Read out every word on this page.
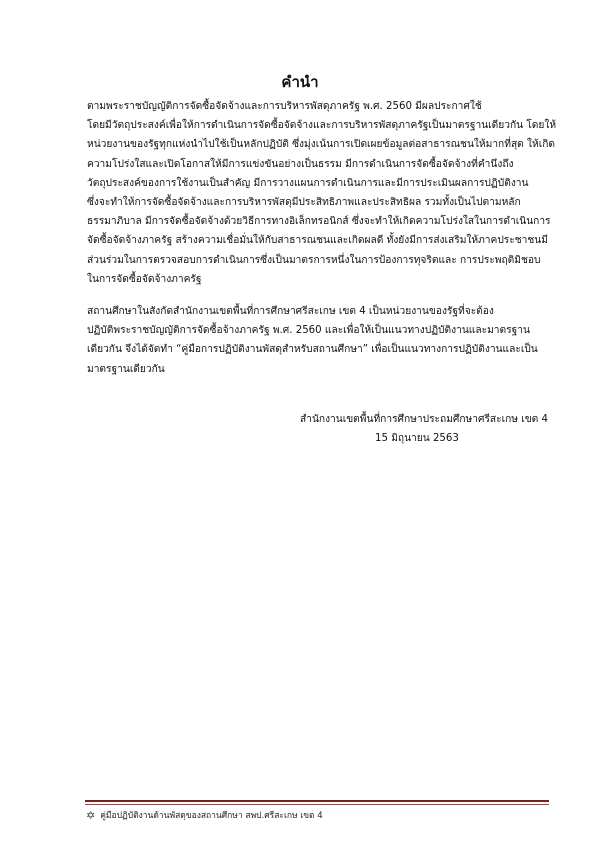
คำนำ
ตามพระราชบัญญัติการจัดซื้อจัดจ้างและการบริหารพัสดุภาครัฐ พ.ศ. 2560 มีผลประกาศใช้
โดยมีวัตถุประสงค์เพื่อให้การดำเนินการจัดซื้อจัดจ้างและการบริหารพัสดุภาครัฐเป็นมาตรฐานเดียวกัน โดยให้
หน่วยงานของรัฐทุกแห่งนำไปใช้เป็นหลักปฏิบัติ ซึ่งมุ่งเน้นการเปิดเผยข้อมูลต่อสาธารณชนให้มากที่สุด ให้เกิด
ความโปร่งใสและเปิดโอกาสให้มีการแข่งขันอย่างเป็นธรรม มีการดำเนินการจัดซื้อจัดจ้างที่คำนึงถึง
วัตถุประสงค์ของการใช้งานเป็นสำคัญ มีการวางแผนการดำเนินการและมีการประเมินผลการปฏิบัติงาน
ซึ่งจะทำให้การจัดซื้อจัดจ้างและการบริหารพัสดุมีประสิทธิภาพและประสิทธิผล รวมทั้งเป็นไปตามหลัก
ธรรมาภิบาล มีการจัดซื้อจัดจ้างด้วยวิธีการทางอิเล็กทรอนิกส์ ซึ่งจะทำให้เกิดความโปร่งใสในการดำเนินการ
จัดซื้อจัดจ้างภาครัฐ สร้างความเชื่อมั่นให้กับสาธารณชนและเกิดผลดี ทั้งยังมีการส่งเสริมให้ภาคประชาชนมี
ส่วนร่วมในการตรวจสอบการดำเนินการซึ่งเป็นมาตรการหนึ่งในการป้องการทุจริตและ การประพฤติมิชอบ
ในการจัดซื้อจัดจ้างภาครัฐ
สถานศึกษาในสังกัดสำนักงานเขตพื้นที่การศึกษาศรีสะเกษ เขต 4 เป็นหน่วยงานของรัฐที่จะต้อง
ปฏิบัติพระราชบัญญัติการจัดซื้อจ้างภาครัฐ พ.ศ. 2560 และเพื่อให้เป็นแนวทางปฏิบัติงานและมาตรฐาน
เดียวกัน จึงได้จัดทำ “คู่มือการปฏิบัติงานพัสดุสำหรับสถานศึกษา” เพื่อเป็นแนวทางการปฏิบัติงานและเป็น
มาตรฐานเดียวกัน
สำนักงานเขตพื้นที่การศึกษาประถมศึกษาศรีสะเกษ เขต 4
15 มิถุนายน 2563
✡ คู่มือปฏิบัติงานด้านพัสดุของสถานศึกษา สพป.ศรีสะเกษ เขต 4
